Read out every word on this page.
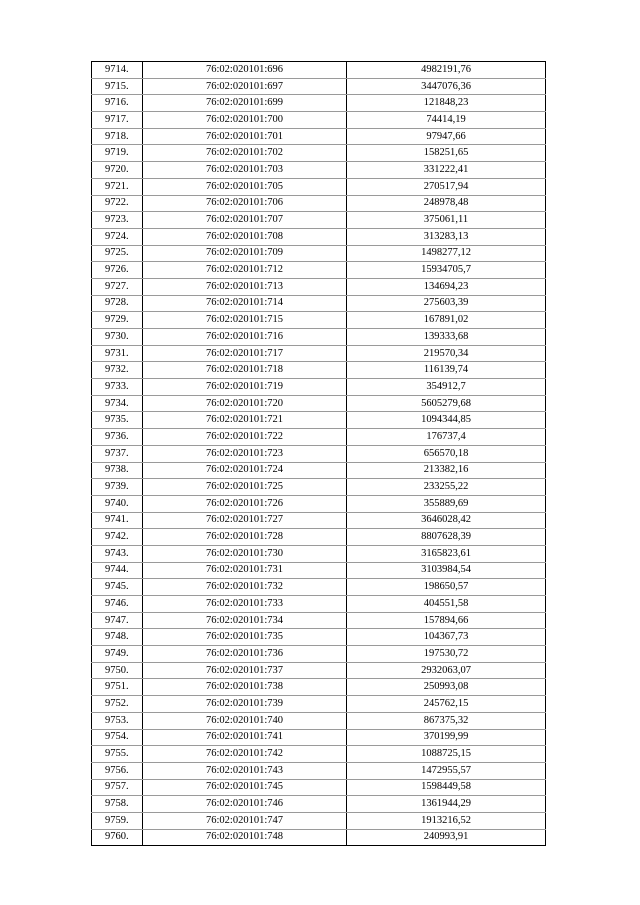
9714.	76:02:020101:696	4982191,76
9715.	76:02:020101:697	3447076,36
9716.	76:02:020101:699	121848,23
9717.	76:02:020101:700	74414,19
9718.	76:02:020101:701	97947,66
9719.	76:02:020101:702	158251,65
9720.	76:02:020101:703	331222,41
9721.	76:02:020101:705	270517,94
9722.	76:02:020101:706	248978,48
9723.	76:02:020101:707	375061,11
9724.	76:02:020101:708	313283,13
9725.	76:02:020101:709	1498277,12
9726.	76:02:020101:712	15934705,7
9727.	76:02:020101:713	134694,23
9728.	76:02:020101:714	275603,39
9729.	76:02:020101:715	167891,02
9730.	76:02:020101:716	139333,68
9731.	76:02:020101:717	219570,34
9732.	76:02:020101:718	116139,74
9733.	76:02:020101:719	354912,7
9734.	76:02:020101:720	5605279,68
9735.	76:02:020101:721	1094344,85
9736.	76:02:020101:722	176737,4
9737.	76:02:020101:723	656570,18
9738.	76:02:020101:724	213382,16
9739.	76:02:020101:725	233255,22
9740.	76:02:020101:726	355889,69
9741.	76:02:020101:727	3646028,42
9742.	76:02:020101:728	8807628,39
9743.	76:02:020101:730	3165823,61
9744.	76:02:020101:731	3103984,54
9745.	76:02:020101:732	198650,57
9746.	76:02:020101:733	404551,58
9747.	76:02:020101:734	157894,66
9748.	76:02:020101:735	104367,73
9749.	76:02:020101:736	197530,72
9750.	76:02:020101:737	2932063,07
9751.	76:02:020101:738	250993,08
9752.	76:02:020101:739	245762,15
9753.	76:02:020101:740	867375,32
9754.	76:02:020101:741	370199,99
9755.	76:02:020101:742	1088725,15
9756.	76:02:020101:743	1472955,57
9757.	76:02:020101:745	1598449,58
9758.	76:02:020101:746	1361944,29
9759.	76:02:020101:747	1913216,52
9760.	76:02:020101:748	240993,91
